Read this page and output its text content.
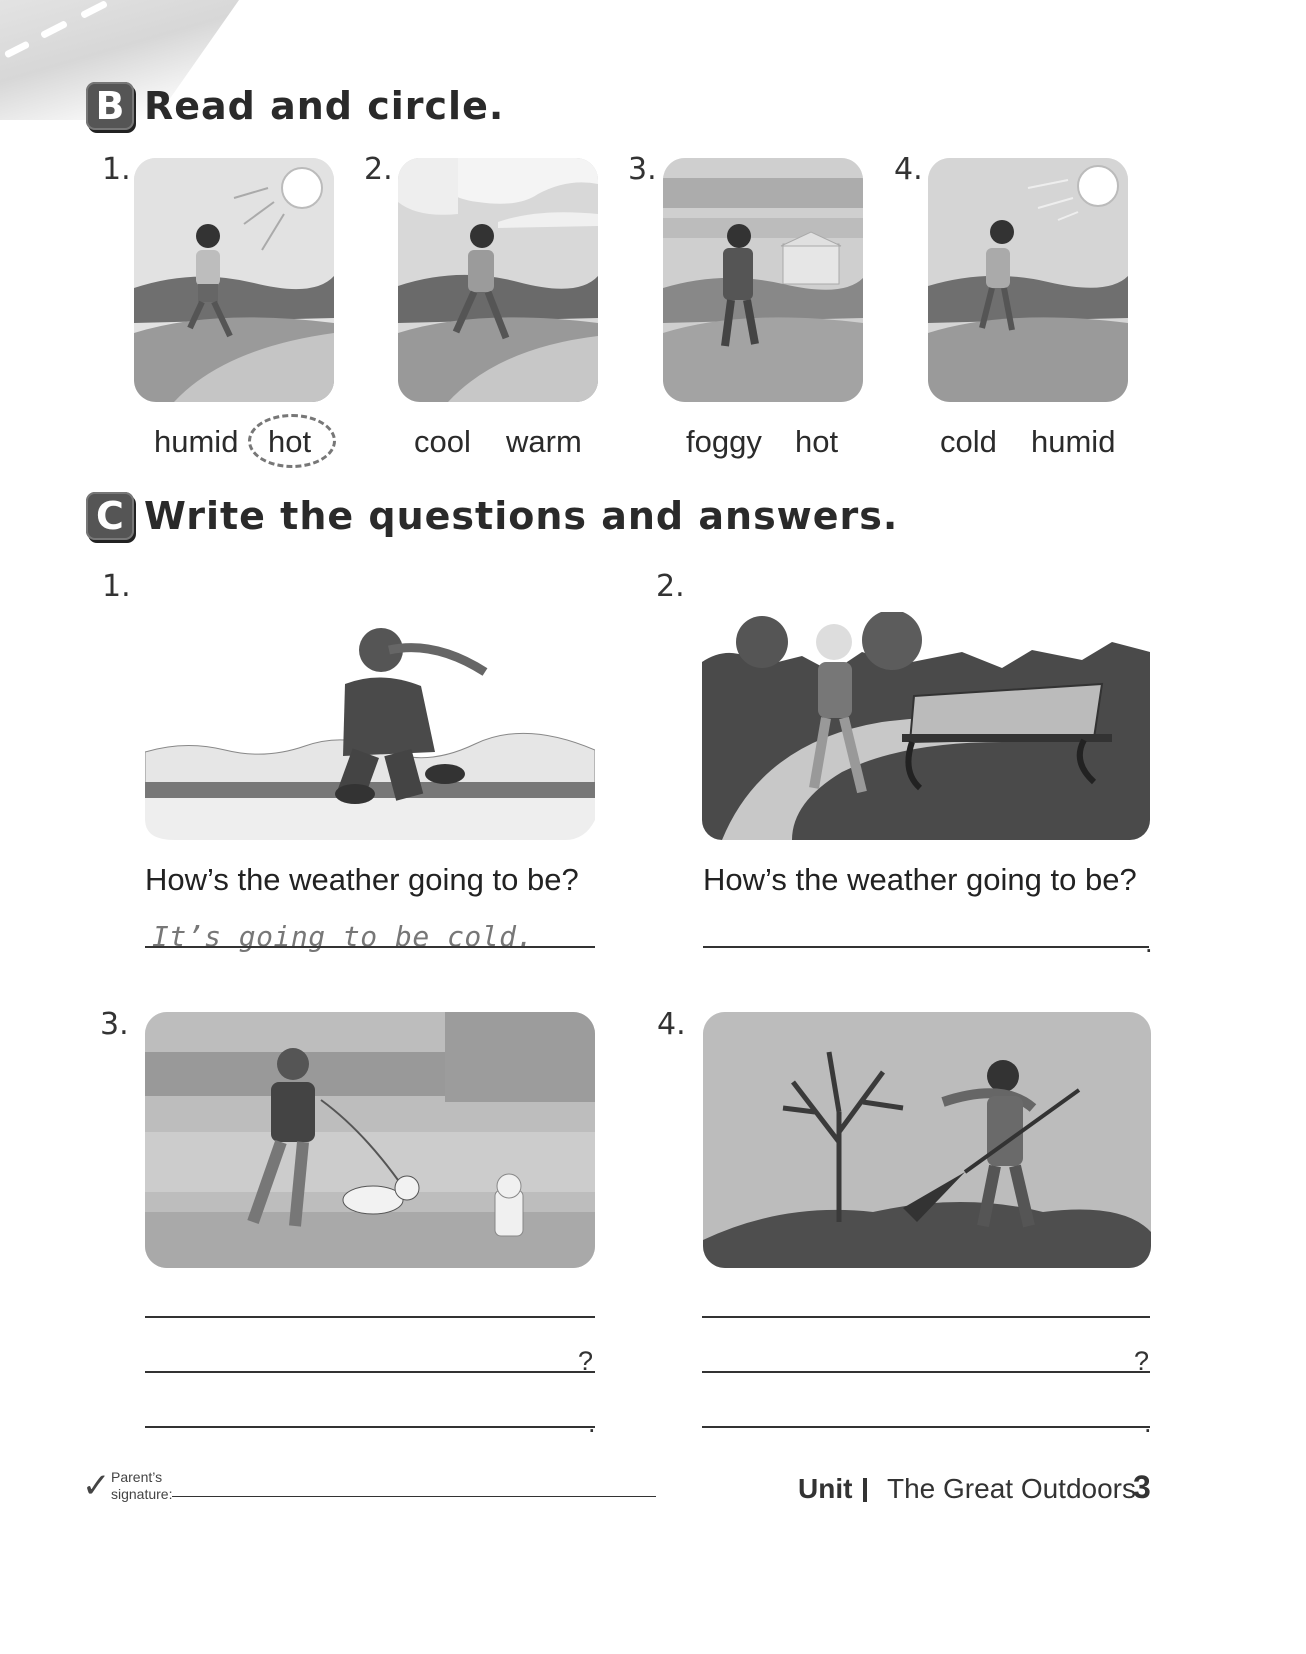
B Read and circle.
1.	2.	3.	4.
humid hot	cool warm	foggy hot	cold humid
C Write the questions and answers.
1.	2.
How’s the weather going to be?	How’s the weather going to be?
It’s going to be cold.	.
3.	4.
?
.
?
.
✓ Parent’s signature:	Unit The Great Outdoors
3
